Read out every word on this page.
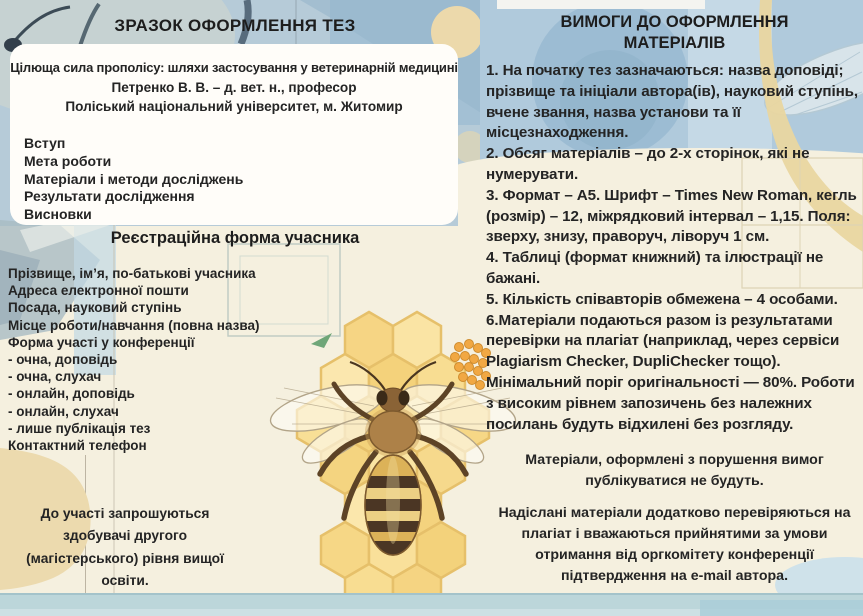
ЗРАЗОК ОФОРМЛЕННЯ ТЕЗ

Цілюща сила прополісу: шляхи застосування у ветеринарній медицині

Петренко В. В. – д. вет. н., професор

Поліський національний університет, м. Житомир

Вступ
Мета роботи
Матеріали і методи досліджень
Результати дослідження
Висновки
Реєстраційна форма учасника
Прізвище, ім’я, по-батькові учасника
Адреса електронної пошти
Посада, науковий ступінь
Місце роботи/навчання (повна назва)
Форма участі у конференції
- очна, доповідь
- очна, слухач
- онлайн, доповідь
- онлайн, слухач
- лише публікація тез
Контактний телефон
До участі запрошуються здобувачі другого (магістерського) рівня вищої освіти.
ВИМОГИ ДО ОФОРМЛЕННЯ МАТЕРІАЛІВ

1. На початку тез зазначаються: назва доповіді; прізвище та ініціали автора(ів), науковий ступінь, вчене звання, назва установи та її місцезнаходження.

2. Обсяг матеріалів – до 2-х сторінок, які не нумерувати.

3. Формат – А5. Шрифт – Times New Roman, кегль (розмір) – 12, міжрядковий інтервал – 1,15. Поля: зверху, знизу, праворуч, ліворуч 1 см.

4. Таблиці (формат книжний) та ілюстрації не бажані.

5. Кількість співавторів обмежена – 4 особами.

6.Матеріали подаються разом із результатами перевірки на плагіат (наприклад, через сервіси Plagiarism Checker, DupliChecker тощо). Мінімальний поріг оригінальності — 80%. Роботи з високим рівнем запозичень без належних посилань будуть відхилені без розгляду.

Матеріали, оформлені з порушення вимог публікуватися не будуть.

Надіслані матеріали додатково перевіряються на плагіат і вважаються прийнятими за умови отримання від оргкомітету конференції підтвердження на e-mail автора.
